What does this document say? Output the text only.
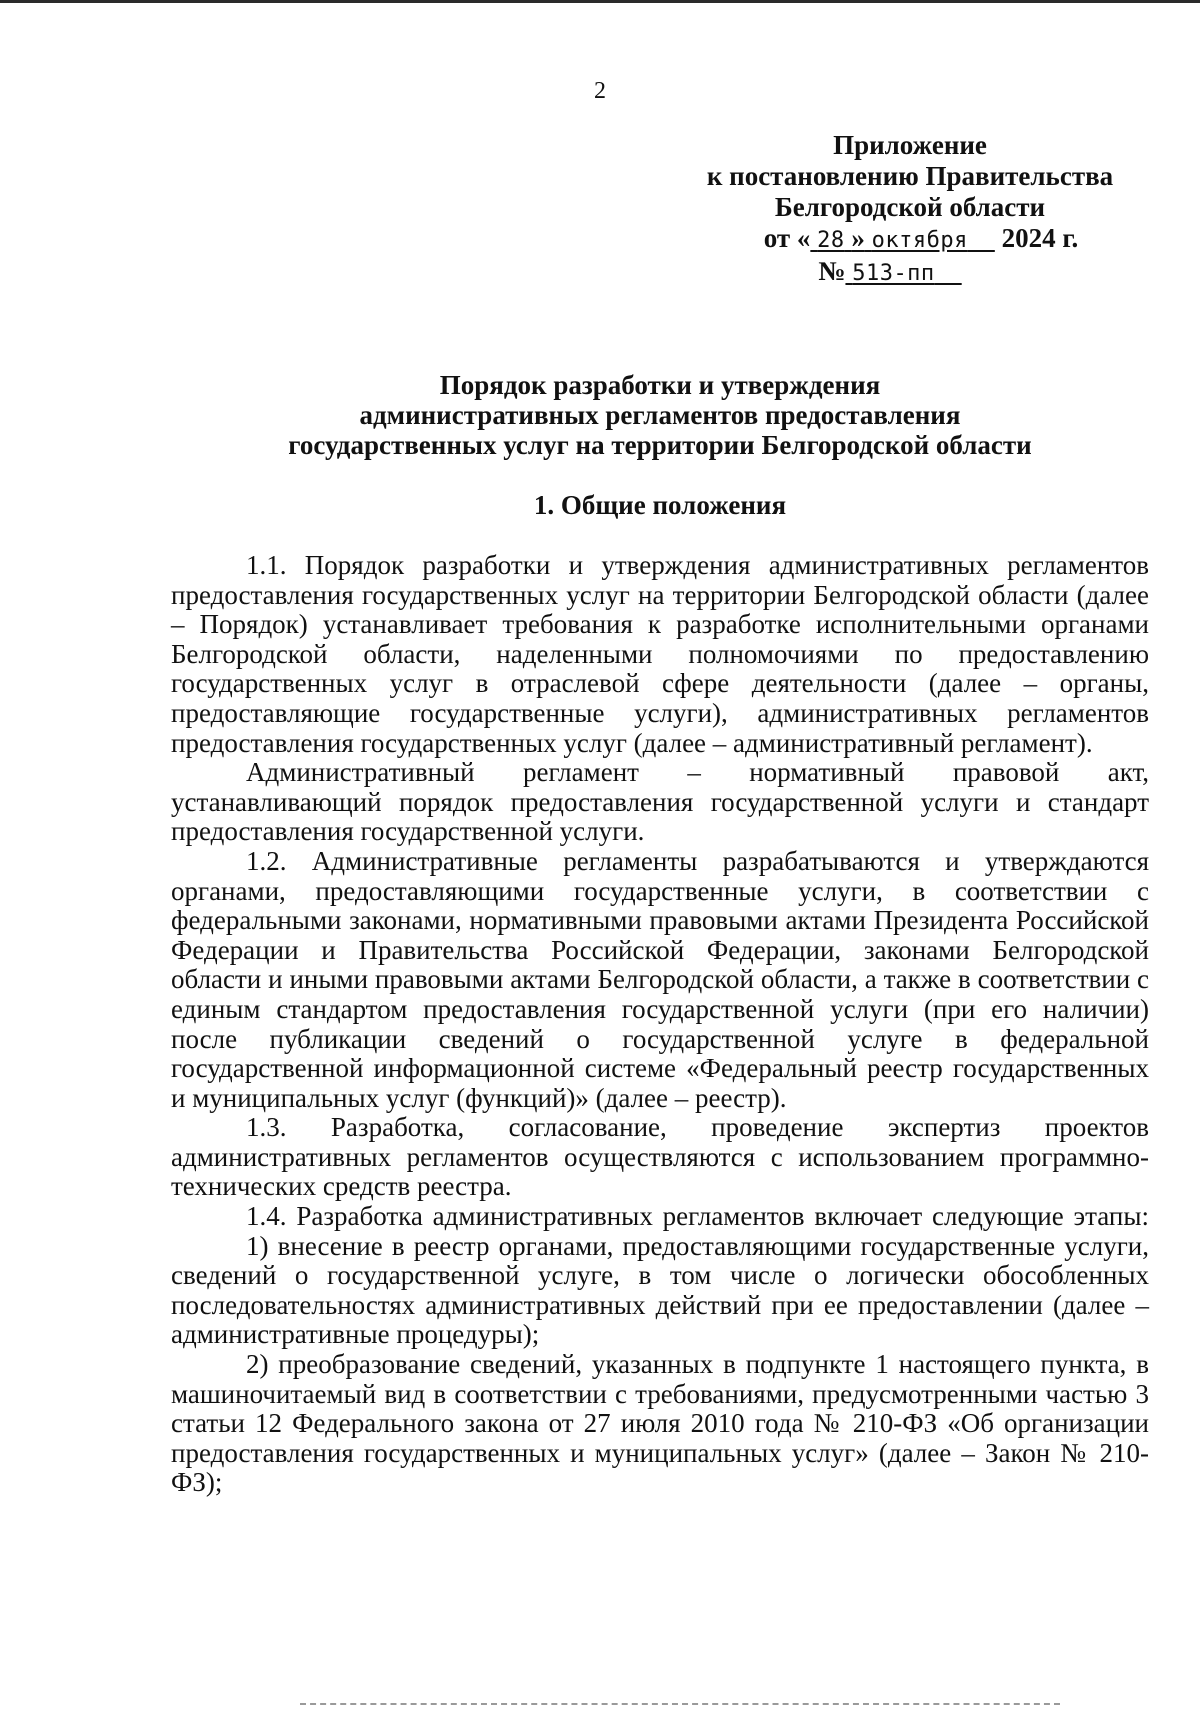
2
Приложение
к постановлению Правительства
Белгородской области
от « 28 » октября 2024 г.
№ 513-пп
Порядок разработки и утверждения
административных регламентов предоставления
государственных услуг на территории Белгородской области
1. Общие положения

1.1. Порядок разработки и утверждения административных регламентов предоставления государственных услуг на территории Белгородской области (далее – Порядок) устанавливает требования к разработке исполнительными органами Белгородской области, наделенными полномочиями по предоставлению государственных услуг в отраслевой сфере деятельности (далее – органы, предоставляющие государственные услуги), административных регламентов предоставления государственных услуг (далее – административный регламент).

Административный регламент – нормативный правовой акт, устанавливающий порядок предоставления государственной услуги и стандарт предоставления государственной услуги.

1.2. Административные регламенты разрабатываются и утверждаются органами, предоставляющими государственные услуги, в соответствии с федеральными законами, нормативными правовыми актами Президента Российской Федерации и Правительства Российской Федерации, законами Белгородской области и иными правовыми актами Белгородской области, а также в соответствии с единым стандартом предоставления государственной услуги (при его наличии) после публикации сведений о государственной услуге в федеральной государственной информационной системе «Федеральный реестр государственных и муниципальных услуг (функций)» (далее – реестр).

1.3. Разработка, согласование, проведение экспертиз проектов административных регламентов осуществляются с использованием программно-технических средств реестра.

1.4. Разработка административных регламентов включает следующие этапы:

1) внесение в реестр органами, предоставляющими государственные услуги, сведений о государственной услуге, в том числе о логически обособленных последовательностях административных действий при ее предоставлении (далее – административные процедуры);

2) преобразование сведений, указанных в подпункте 1 настоящего пункта, в машиночитаемый вид в соответствии с требованиями, предусмотренными частью 3 статьи 12 Федерального закона от 27 июля 2010 года № 210-ФЗ «Об организации предоставления государственных и муниципальных услуг» (далее – Закон № 210-ФЗ);
